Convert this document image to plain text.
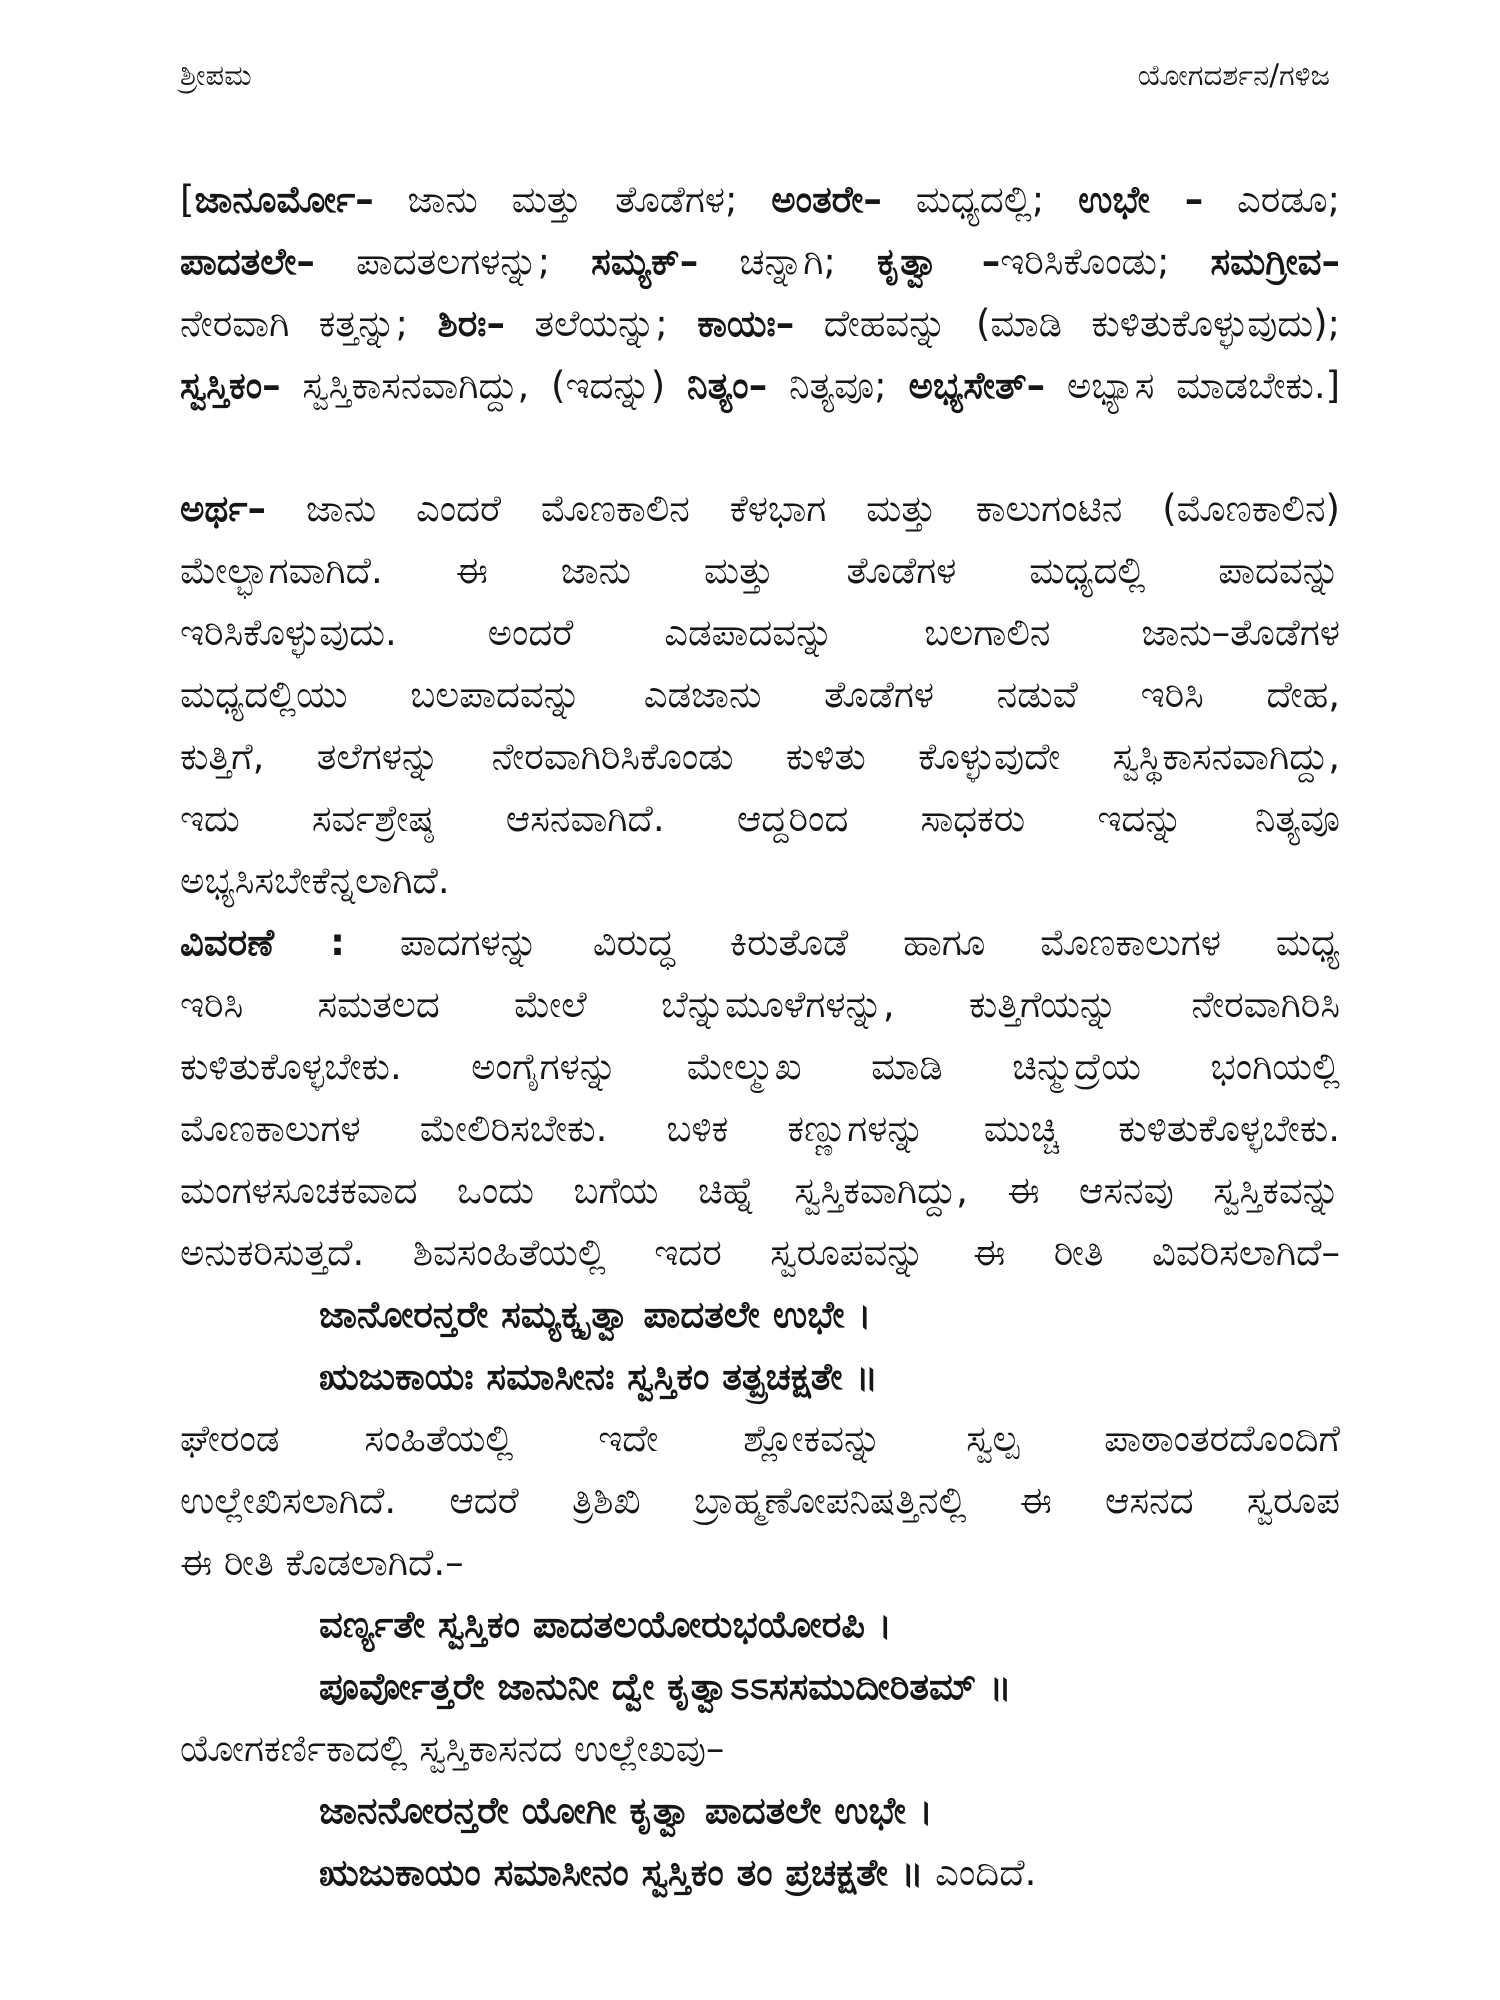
ಶ್ರೀಪಮ	ಯೋಗದರ್ಶನ/ಗಳಿಜ
[ಜಾನೂರ್ಮೋ– ಜಾನು ಮತ್ತು ತೊಡೆಗಳ; ಅಂತರೇ– ಮಧ್ಯದಲ್ಲಿ; ಉಭೇ – ಎರಡೂ;
ಪಾದತಲೇ– ಪಾದತಲಗಳನ್ನು; ಸಮ್ಯಕ್– ಚನ್ನಾಗಿ; ಕೃತ್ವಾ –ಇರಿಸಿಕೊಂಡು; ಸಮಗ್ರೀವ–
ನೇರವಾಗಿ ಕತ್ತನ್ನು; ಶಿರಃ– ತಲೆಯನ್ನು; ಕಾಯಃ– ದೇಹವನ್ನು (ಮಾಡಿ ಕುಳಿತುಕೊಳ್ಳುವುದು);
ಸ್ವಸ್ತಿಕಂ– ಸ್ವಸ್ತಿಕಾಸನವಾಗಿದ್ದು, (ಇದನ್ನು) ನಿತ್ಯಂ– ನಿತ್ಯವೂ; ಅಭ್ಯಸೇತ್– ಅಭ್ಯಾಸ ಮಾಡಬೇಕು.]
ಅರ್ಥ– ಜಾನು ಎಂದರೆ ಮೊಣಕಾಲಿನ ಕೆಳಭಾಗ ಮತ್ತು ಕಾಲುಗಂಟಿನ (ಮೊಣಕಾಲಿನ)
ಮೇಲ್ಭಾಗವಾಗಿದೆ. ಈ ಜಾನು ಮತ್ತು ತೊಡೆಗಳ ಮಧ್ಯದಲ್ಲಿ ಪಾದವನ್ನು
ಇರಿಸಿಕೊಳ್ಳುವುದು. ಅಂದರೆ ಎಡಪಾದವನ್ನು ಬಲಗಾಲಿನ ಜಾನು–ತೊಡೆಗಳ
ಮಧ್ಯದಲ್ಲಿಯು ಬಲಪಾದವನ್ನು ಎಡಜಾನು ತೊಡೆಗಳ ನಡುವೆ ಇರಿಸಿ ದೇಹ,
ಕುತ್ತಿಗೆ, ತಲೆಗಳನ್ನು ನೇರವಾಗಿರಿಸಿಕೊಂಡು ಕುಳಿತು ಕೊಳ್ಳುವುದೇ ಸ್ವಸ್ಥಿಕಾಸನವಾಗಿದ್ದು,
ಇದು ಸರ್ವಶ್ರೇಷ್ಠ ಆಸನವಾಗಿದೆ. ಆದ್ದರಿಂದ ಸಾಧಕರು ಇದನ್ನು ನಿತ್ಯವೂ
ಅಭ್ಯಸಿಸಬೇಕೆನ್ನಲಾಗಿದೆ.
ವಿವರಣೆ : ಪಾದಗಳನ್ನು ವಿರುದ್ಧ ಕಿರುತೊಡೆ ಹಾಗೂ ಮೊಣಕಾಲುಗಳ ಮಧ್ಯ
ಇರಿಸಿ ಸಮತಲದ ಮೇಲೆ ಬೆನ್ನುಮೂಳೆಗಳನ್ನು, ಕುತ್ತಿಗೆಯನ್ನು ನೇರವಾಗಿರಿಸಿ
ಕುಳಿತುಕೊಳ್ಳಬೇಕು. ಅಂಗೈಗಳನ್ನು ಮೇಲ್ಮುಖ ಮಾಡಿ ಚಿನ್ಮುದ್ರೆಯ ಭಂಗಿಯಲ್ಲಿ
ಮೊಣಕಾಲುಗಳ ಮೇಲಿರಿಸಬೇಕು. ಬಳಿಕ ಕಣ್ಣುಗಳನ್ನು ಮುಚ್ಚಿ ಕುಳಿತುಕೊಳ್ಳಬೇಕು.
ಮಂಗಳಸೂಚಕವಾದ ಒಂದು ಬಗೆಯ ಚಿಹ್ನೆ ಸ್ವಸ್ತಿಕವಾಗಿದ್ದು, ಈ ಆಸನವು ಸ್ವಸ್ತಿಕವನ್ನು
ಅನುಕರಿಸುತ್ತದೆ. ಶಿವಸಂಹಿತೆಯಲ್ಲಿ ಇದರ ಸ್ವರೂಪವನ್ನು ಈ ರೀತಿ ವಿವರಿಸಲಾಗಿದೆ–
ಜಾನೋರನ್ತರೇ ಸಮ್ಯಕ್ಕೃತ್ವಾ ಪಾದತಲೇ ಉಭೇ ।
ಋಜುಕಾಯಃ ಸಮಾಸೀನಃ ಸ್ವಸ್ತಿಕಂ ತತ್ಪ್ರಚಕ್ಷತೇ ॥
ಘೇರಂಡ ಸಂಹಿತೆಯಲ್ಲಿ ಇದೇ ಶ್ಲೋಕವನ್ನು ಸ್ವಲ್ಪ ಪಾಠಾಂತರದೊಂದಿಗೆ
ಉಲ್ಲೇಖಿಸಲಾಗಿದೆ. ಆದರೆ ತ್ರಿಶಿಖಿ ಬ್ರಾಹ್ಮಣೋಪನಿಷತ್ತಿನಲ್ಲಿ ಈ ಆಸನದ ಸ್ವರೂಪ
ಈ ರೀತಿ ಕೊಡಲಾಗಿದೆ.–
ವರ್ಣ್ಯತೇ ಸ್ವಸ್ತಿಕಂ ಪಾದತಲಯೋರುಭಯೋರಪಿ ।
ಪೂರ್ವೋತ್ತರೇ ಜಾನುನೀ ದ್ವೇ ಕೃತ್ವಾಽಽಸಸಮುದೀರಿತಮ್ ॥
ಯೋಗಕರ್ಣಿಕಾದಲ್ಲಿ ಸ್ವಸ್ತಿಕಾಸನದ ಉಲ್ಲೇಖವು–
ಜಾನನೋರನ್ತರೇ ಯೋಗೀ ಕೃತ್ವಾ ಪಾದತಲೇ ಉಭೇ ।
ಋಜುಕಾಯಂ ಸಮಾಸೀನಂ ಸ್ವಸ್ತಿಕಂ ತಂ ಪ್ರಚಕ್ಷತೇ ॥ ಎಂದಿದೆ.
